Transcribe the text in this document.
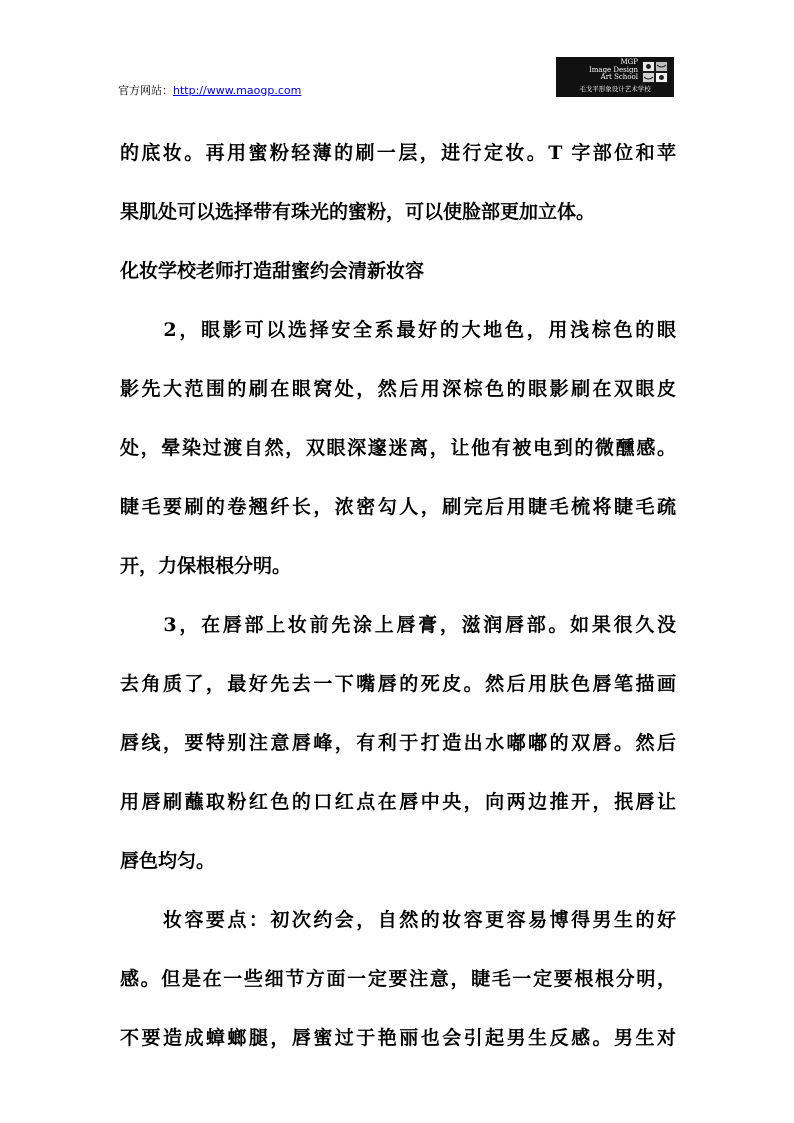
官方网站：http://www.maogp.com
MGP
Image Design
Art School
毛戈平形象设计艺术学校
的底妆。再用蜜粉轻薄的刷一层，进行定妆。T 字部位和苹
果肌处可以选择带有珠光的蜜粉，可以使脸部更加立体。
化妆学校老师打造甜蜜约会清新妆容
　　2，眼影可以选择安全系最好的大地色，用浅棕色的眼
影先大范围的刷在眼窝处，然后用深棕色的眼影刷在双眼皮
处，晕染过渡自然，双眼深邃迷离，让他有被电到的微醺感。
睫毛要刷的卷翘纤长，浓密勾人，刷完后用睫毛梳将睫毛疏
开，力保根根分明。
　　3，在唇部上妆前先涂上唇膏，滋润唇部。如果很久没
去角质了，最好先去一下嘴唇的死皮。然后用肤色唇笔描画
唇线，要特别注意唇峰，有利于打造出水嘟嘟的双唇。然后
用唇刷蘸取粉红色的口红点在唇中央，向两边推开，抿唇让
唇色均匀。
　　妆容要点：初次约会，自然的妆容更容易博得男生的好
感。但是在一些细节方面一定要注意，睫毛一定要根根分明，
不要造成蟑螂腿，唇蜜过于艳丽也会引起男生反感。男生对
